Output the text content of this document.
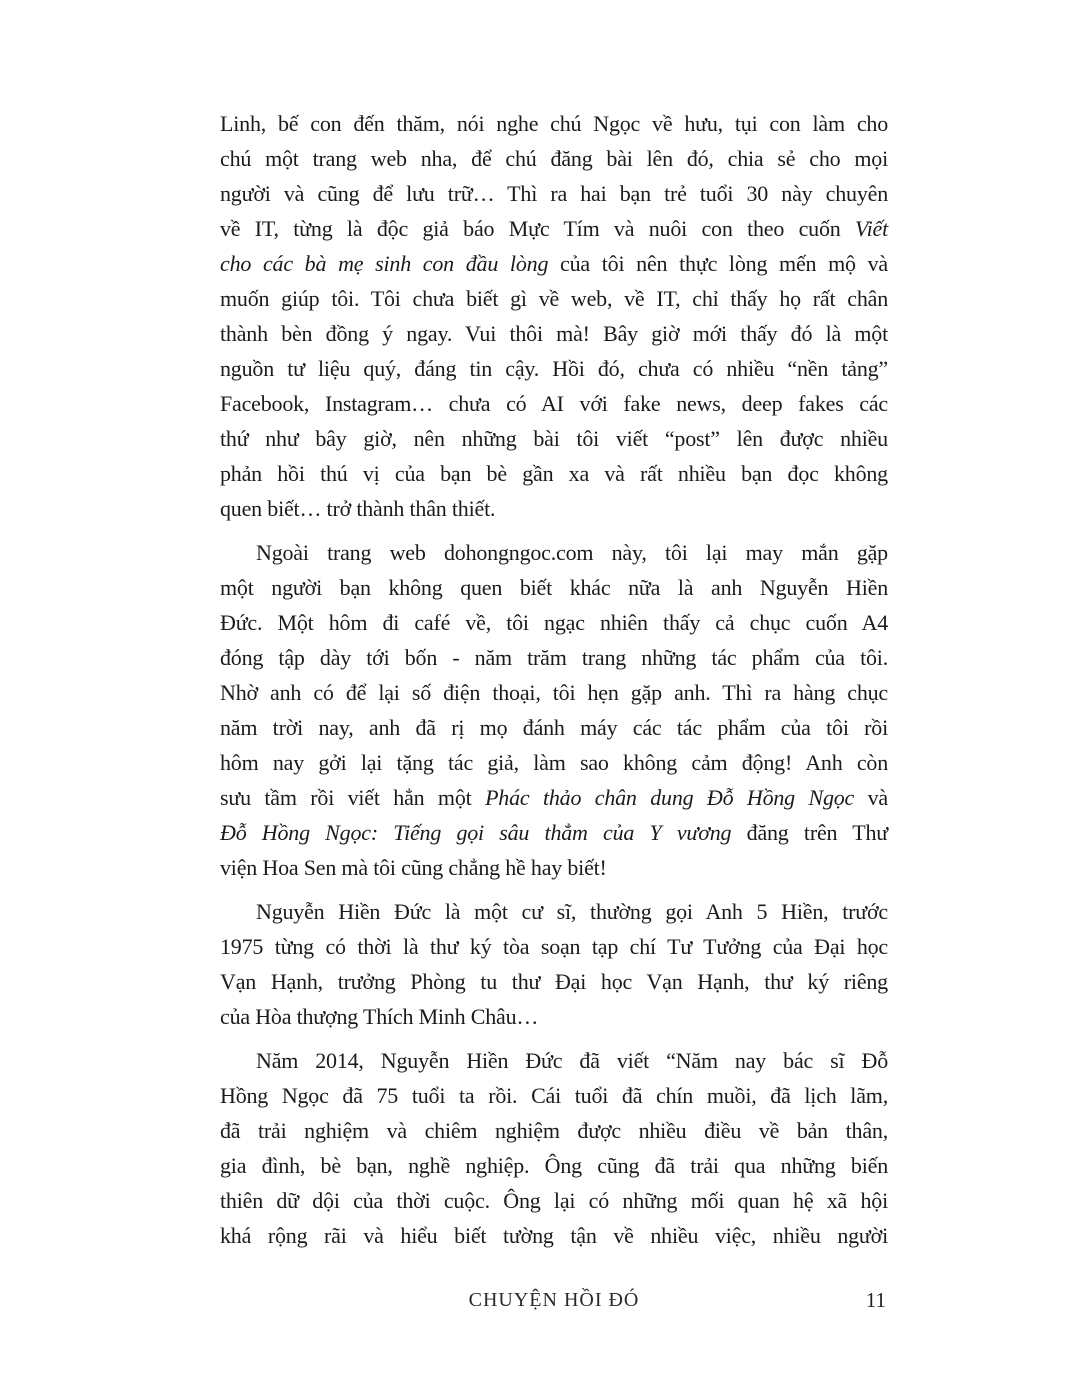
Linh, bế con đến thăm, nói nghe chú Ngọc về hưu, tụi con làm cho
chú một trang web nha, để chú đăng bài lên đó, chia sẻ cho mọi
người và cũng để lưu trữ… Thì ra hai bạn trẻ tuổi 30 này chuyên
về IT, từng là độc giả báo Mực Tím và nuôi con theo cuốn Viết
cho các bà mẹ sinh con đầu lòng của tôi nên thực lòng mến mộ và
muốn giúp tôi. Tôi chưa biết gì về web, về IT, chỉ thấy họ rất chân
thành bèn đồng ý ngay. Vui thôi mà! Bây giờ mới thấy đó là một
nguồn tư liệu quý, đáng tin cậy. Hồi đó, chưa có nhiều “nền tảng”
Facebook, Instagram… chưa có AI với fake news, deep fakes các
thứ như bây giờ, nên những bài tôi viết “post” lên được nhiều
phản hồi thú vị của bạn bè gần xa và rất nhiều bạn đọc không
quen biết… trở thành thân thiết.
Ngoài trang web dohongngoc.com này, tôi lại may mắn gặp
một người bạn không quen biết khác nữa là anh Nguyễn Hiền
Đức. Một hôm đi café về, tôi ngạc nhiên thấy cả chục cuốn A4
đóng tập dày tới bốn - năm trăm trang những tác phẩm của tôi.
Nhờ anh có để lại số điện thoại, tôi hẹn gặp anh. Thì ra hàng chục
năm trời nay, anh đã rị mọ đánh máy các tác phẩm của tôi rồi
hôm nay gởi lại tặng tác giả, làm sao không cảm động! Anh còn
sưu tầm rồi viết hẳn một Phác thảo chân dung Đỗ Hồng Ngọc và
Đỗ Hồng Ngọc: Tiếng gọi sâu thẳm của Y vương đăng trên Thư
viện Hoa Sen mà tôi cũng chẳng hề hay biết!
Nguyễn Hiền Đức là một cư sĩ, thường gọi Anh 5 Hiền, trước
1975 từng có thời là thư ký tòa soạn tạp chí Tư Tưởng của Đại học
Vạn Hạnh, trưởng Phòng tu thư Đại học Vạn Hạnh, thư ký riêng
của Hòa thượng Thích Minh Châu…
Năm 2014, Nguyễn Hiền Đức đã viết “Năm nay bác sĩ Đỗ
Hồng Ngọc đã 75 tuổi ta rồi. Cái tuổi đã chín muồi, đã lịch lãm,
đã trải nghiệm và chiêm nghiệm được nhiều điều về bản thân,
gia đình, bè bạn, nghề nghiệp. Ông cũng đã trải qua những biến
thiên dữ dội của thời cuộc. Ông lại có những mối quan hệ xã hội
khá rộng rãi và hiểu biết tường tận về nhiều việc, nhiều người
CHUYỆN HỒI ĐÓ	11
